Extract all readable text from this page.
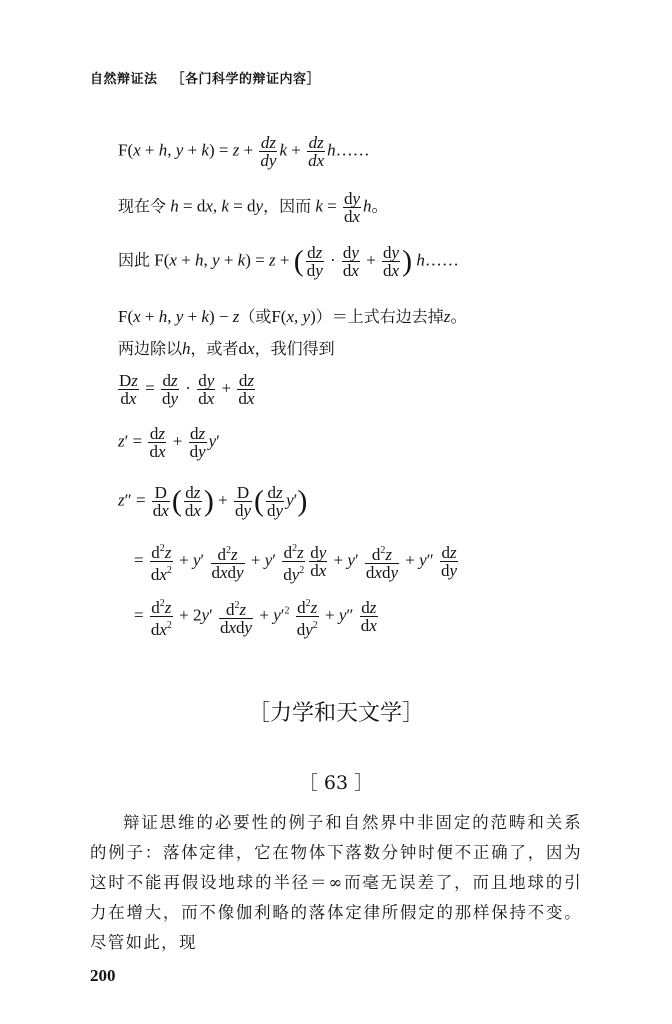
自然辩证法 ［各门科学的辩证内容］
F(x + h, $y + k) = z + \frac{dz}{dy}$ $k + \frac{dz}{dx}$ h……
现在令 h = dx, k = dy，因而 $k = \frac{dy}{dx}$ h。
因此 F(x + h, y + k) = z + ( $\frac{dz}{dy} \cdot \frac{dy}{dx} + \frac{dy}{dx}$ ) h……
F(x + h, y + k) − z（或F(x, y)）＝上式右边去掉z。
两边除以h，或者dx，我们得到
$\frac{Dz}{dx} = \frac{dz}{dy} \cdot \frac{dy}{dx} + \frac{dz}{dx}$
$z' = \frac{dz}{dx} + \frac{dz}{dy} y'$
$z'' = \frac{D}{dx}$ ( $\frac{dz}{dx}$ ) + $\frac{D}{dy}$ ( $\frac{dz}{dy} y'$)
= $\frac{d^2z}{dx^2} + y' \frac{d^2z}{\text{dxdy}} + y' \frac{d^2z}{dy^2} \frac{dy}{dx} + y' \frac{d^2z}{\text{dxdy}} + y'' \frac{dz}{dy}$
= $\frac{d^2z}{dx^2} + 2y' \frac{d^2z}{\text{dxdy}} + y'^2 \frac{d^2z}{dy^2} + y'' \frac{dz}{dx}$
［力学和天文学］
［ 63 ］
辩证思维的必要性的例子和自然界中非固定的范畴和关系的例子：落体定律，它在物体下落数分钟时便不正确了，因为这时不能再假设地球的半径＝∞而毫无误差了，而且地球的引力在增大，而不像伽利略的落体定律所假定的那样保持不变。尽管如此，现
200
